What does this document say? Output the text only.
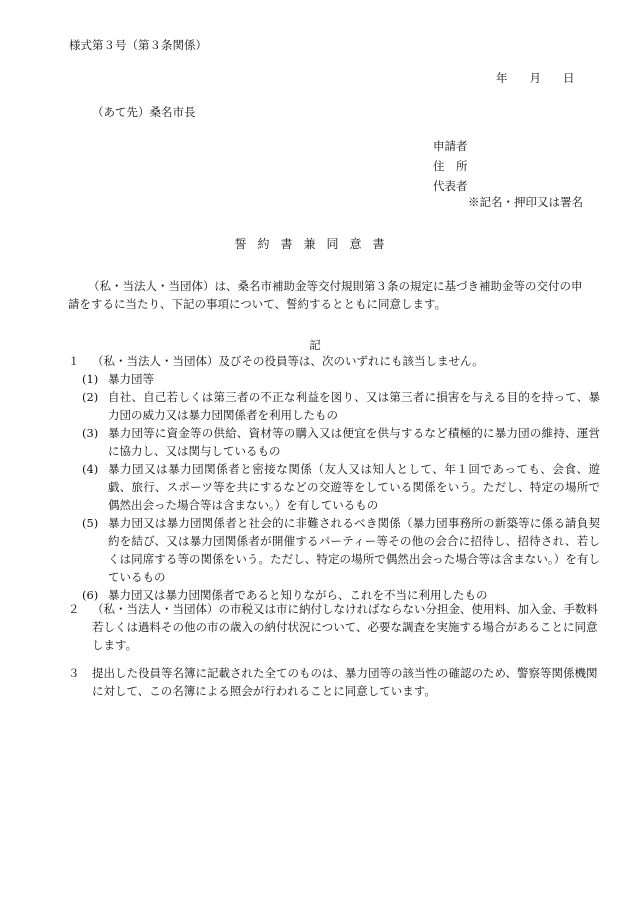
様式第３号（第３条関係）
年 月 日
（あて先）桑名市長
申請者
住　所
代表者
※記名・押印又は署名
誓約書兼同意書

（私・当法人・当団体）は、桑名市補助金等交付規則第３条の規定に基づき補助金等の交付の申請をするに当たり、下記の事項について、誓約するとともに同意します。

記
１	（私・当法人・当団体）及びその役員等は、次のいずれにも該当しません。
(1) 暴力団等
(2) 自社、自己若しくは第三者の不正な利益を図り、又は第三者に損害を与える目的を持って、暴力団の威力又は暴力団関係者を利用したもの
(3) 暴力団等に資金等の供給、資材等の購入又は便宜を供与するなど積極的に暴力団の維持、運営に協力し、又は関与しているもの
(4) 暴力団又は暴力団関係者と密接な関係（友人又は知人として、年１回であっても、会食、遊戯、旅行、スポーツ等を共にするなどの交遊等をしている関係をいう。ただし、特定の場所で偶然出会った場合等は含まない。）を有しているもの
(5) 暴力団又は暴力団関係者と社会的に非難されるべき関係（暴力団事務所の新築等に係る請負契約を結び、又は暴力団関係者が開催するパーティー等その他の会合に招待し、招待され、若しくは同席する等の関係をいう。ただし、特定の場所で偶然出会った場合等は含まない。）を有しているもの
(6) 暴力団又は暴力団関係者であると知りながら、これを不当に利用したもの
２	（私・当法人・当団体）の市税又は市に納付しなければならない分担金、使用料、加入金、手数料若しくは過料その他の市の歳入の納付状況について、必要な調査を実施する場合があることに同意します。
３	提出した役員等名簿に記載された全てのものは、暴力団等の該当性の確認のため、警察等関係機関に対して、この名簿による照会が行われることに同意しています。
